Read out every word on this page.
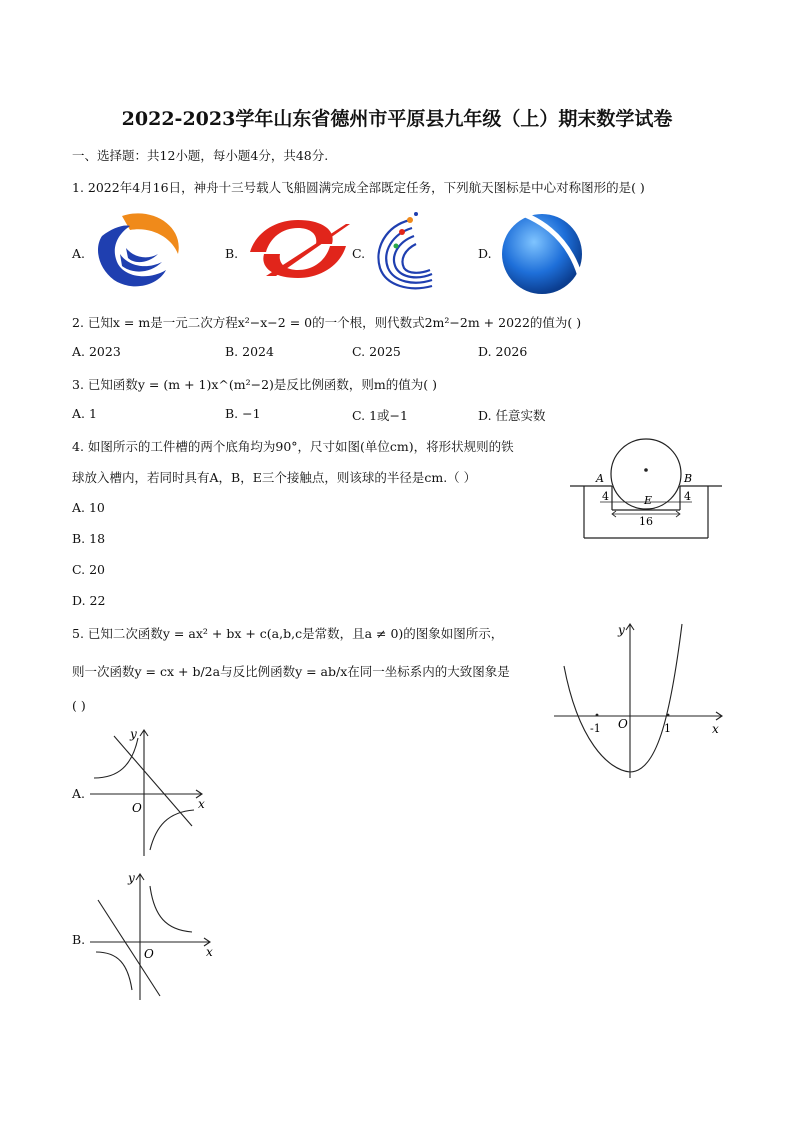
2022-2023学年山东省德州市平原县九年级（上）期末数学试卷
一、选择题：共12小题，每小题4分，共48分.
1. 2022年4月16日，神舟十三号载人飞船圆满完成全部既定任务，下列航天图标是中心对称图形的是( )
A.	B.	C.	D.
2. 已知x = m是一元二次方程x²−x−2 = 0的一个根，则代数式2m²−2m + 2022的值为( )
A. 2023	B. 2024	C. 2025	D. 2026
3. 已知函数y = (m + 1)x^(m²−2)是反比例函数，则m的值为( )
A. 1	B. −1	C. 1或−1	D. 任意实数
4. 如图所示的工件槽的两个底角均为90°，尺寸如图(单位cm)，将形状规则的铁
球放入槽内，若同时具有A，B，E三个接触点，则该球的半径是cm.（ ）
A. 10
B. 18
C. 20
D. 22
A	B
E
4	4
16
5. 已知二次函数y = ax² + bx + c(a,b,c是常数，且a ≠ 0)的图象如图所示，
则一次函数y = cx + b/2a与反比例函数y = ab/x在同一坐标系内的大致图象是
( )
y
x
O
-1	1
A.
y
x
O
B.
y
x
O
